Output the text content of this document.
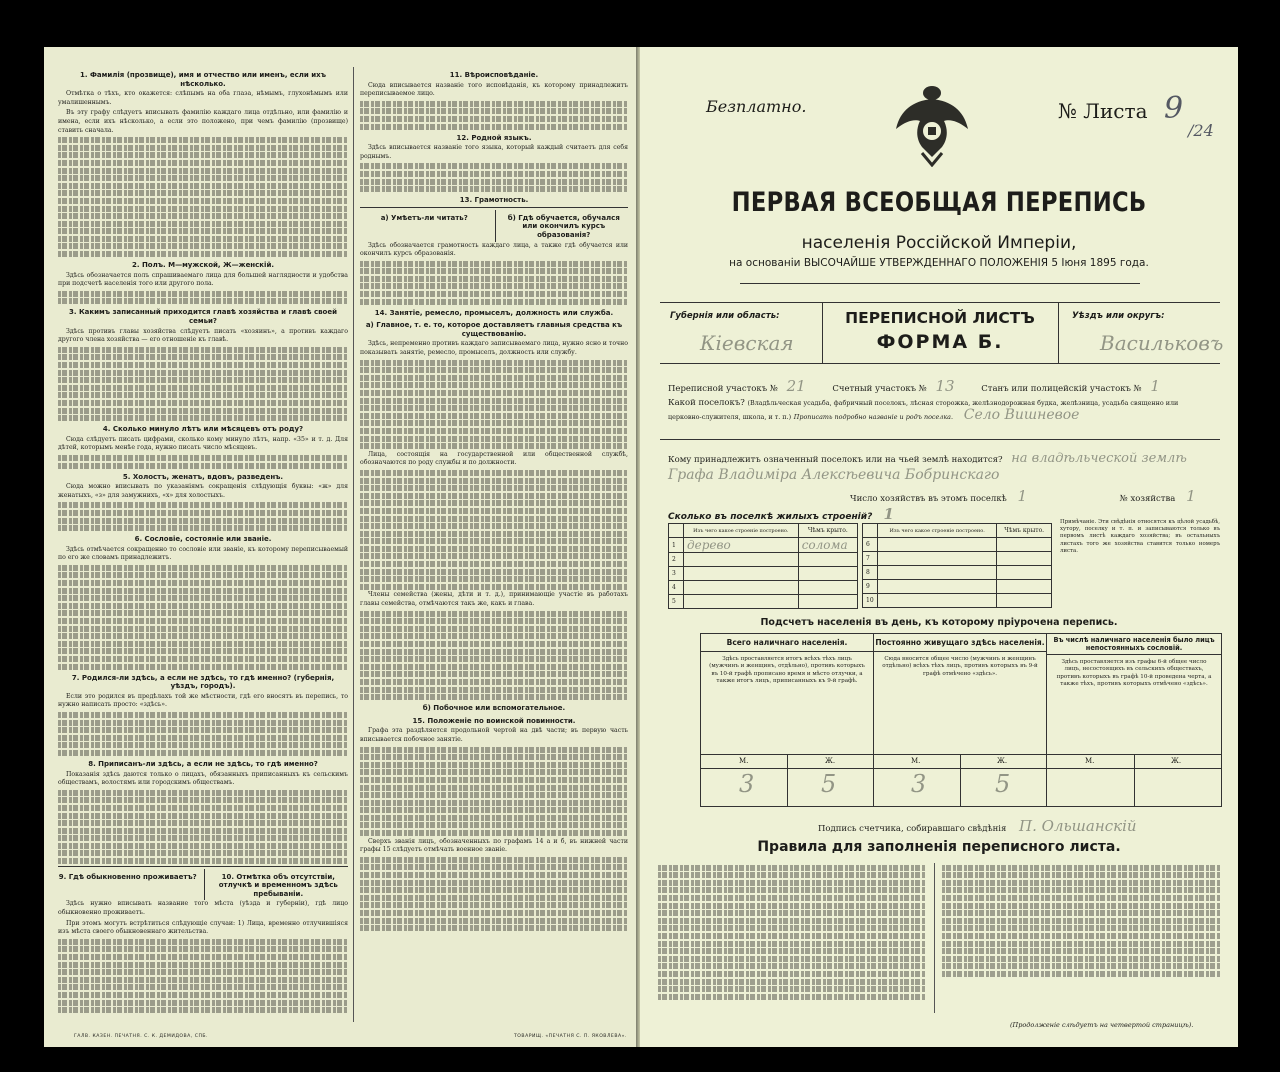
1. Фамилія (прозвище), имя и отчество или именъ, если ихъ нѣсколько.

Отмѣтка о тѣхъ, кто окажется: слѣпымъ на оба глаза, нѣмымъ, глухонѣмымъ или умалишеннымъ.

Въ эту графу слѣдуетъ вписывать фамилію каждаго лица отдѣльно, или фамилію и имена, если ихъ нѣсколько, а если это положено, при чемъ фамилію (прозвище) ставить сначала.

2. Полъ. М—мужской, Ж—женскій.

Здѣсь обозначается полъ спрашиваемаго лица для большей наглядности и удобства при подсчетѣ населенія того или другого пола.

3. Какимъ записанный приходится главѣ хозяйства и главѣ своей семьи?

Здѣсь противъ главы хозяйства слѣдуетъ писать «хозяинъ», а противъ каждаго другого члена хозяйства — его отношеніе къ главѣ.

4. Сколько минуло лѣтъ или мѣсяцевъ отъ роду?

Сюда слѣдуетъ писать цифрами, сколько кому минуло лѣтъ, напр. «35» и т. д. Для дѣтей, которымъ менѣе года, нужно писать число мѣсяцевъ.

5. Холостъ, женатъ, вдовъ, разведенъ.

Сюда можно вписывать по указаніямъ сокращенія слѣдующія буквы: «ж» для женатыхъ, «з» для замужнихъ, «х» для холостыхъ.

6. Сословіе, состояніе или званіе.

Здѣсь отмѣчается сокращенно то сословіе или званіе, къ которому переписываемый по его же словамъ принадлежитъ.

7. Родился-ли здѣсь, а если не здѣсь, то гдѣ именно? (губернія, уѣздъ, городъ).

Если это родился въ предѣлахъ той же мѣстности, гдѣ его вносятъ въ перепись, то нужно написать просто: «здѣсь».

8. Приписанъ-ли здѣсь, а если не здѣсь, то гдѣ именно?

Показанія здѣсь даются только о лицахъ, обязанныхъ приписанныхъ къ сельскимъ обществамъ, волостямъ или городскимъ обществамъ.

9. Гдѣ обыкновенно проживаетъ?	10. Отмѣтка объ отсутствіи, отлучкѣ и временномъ здѣсь пребываніи.

Здѣсь нужно вписывать название того мѣста (уѣзда и губерніи), гдѣ лицо обыкновенно проживаетъ.

При этомъ могутъ встрѣтиться слѣдующіе случаи: 1) Лица, временно отлучившіяся изъ мѣста своего обыкновеннаго жительства.

11. Вѣроисповѣданіе.

Сюда вписывается названіе того исповѣданія, къ которому принадлежитъ переписываемое лицо.

12. Родной языкъ.

Здѣсь вписывается названіе того языка, который каждый считаетъ для себя роднымъ.

13. Грамотность.
а) Умѣетъ-ли читать?	б) Гдѣ обучается, обучался или окончилъ курсъ образованія?

Здѣсь обозначается грамотность каждаго лица, а также гдѣ обучается или окончилъ курсъ образованія.

14. Занятіе, ремесло, промыселъ, должность или служба.
а) Главное, т. е. то, которое доставляетъ главныя средства къ существованію.

Здѣсь, непременно противъ каждаго записываемаго лица, нужно ясно и точно показывать занятіе, ремесло, промыселъ, должность или службу.

Лица, состоящія на государственной или общественной службѣ, обозначаются по роду службы и по должности.

Члены семейства (жены, дѣти и т. д.), принимающіе участіе въ работахъ главы семейства, отмѣчаются такъ же, какъ и глава.

б) Побочное или вспомогательное.
15. Положеніе по воинской повинности.

Графа эта раздѣляется продольной чертой на двѣ части; въ первую часть вписывается побочное занятіе.

Сверхъ званія лицъ, обозначенныхъ по графамъ 14 а и б, въ нижней части графы 15 слѣдуетъ отмѣчать военное званіе.

ГАЛВ. КАЗЕН. ПЕЧАТНЯ. С. К. ДЕМИДОВА, СПБ.	ТОВАРИЩ. «ПЕЧАТНЯ С. П. ЯКОВЛЕВА».
Безплатно.	№ Листа 9
/24
ПЕРВАЯ ВСЕОБЩАЯ ПЕРЕПИСЬ
населенія Россійской Имперіи,
на основаніи ВЫСОЧАЙШЕ УТВЕРЖДЕННАГО ПОЛОЖЕНІЯ 5 Іюня 1895 года.
Губернія или область:
Кіевская
ПЕРЕПИСНОЙ ЛИСТЪ
ФОРМА Б.
Уѣздъ или округъ:
Васильковъ
Переписной участокъ № 21	Счетный участокъ № 13	Станъ или полицейскій участокъ № 1
Какой поселокъ? (Владѣльческая усадьба, фабричный поселокъ, лѣсная сторожка, желѣзнодорожная будка, желѣзница, усадьба священно или церковно-служителя, школа, и т. п.) Прописать подробно названіе и родъ поселка. Село Вишневое
Кому принадлежитъ означенный поселокъ или на чьей землѣ находится? на владѣльческой землѣ
Графа Владиміра Алексѣевича Бобринскаго
Число хозяйствъ въ этомъ поселкѣ 1	№ хозяйства 1
Сколько въ поселкѣ жилыхъ строеній? 1
	Изъ чего какое строеніе построено.	Чѣмъ крыто.
1	дерево	солома
2		
3		
4		
5		
	Изъ чего какое строеніе построено.	Чѣмъ крыто.
6		
7		
8		
9		
10		
Примѣчаніе. Эти свѣдѣнія относятся къ цѣлой усадьбѣ, хутору, поселку и т. п. и записываются только въ первомъ листѣ каждаго хозяйства; въ остальныхъ листахъ того же хозяйства ставится только номеръ листа.
Подсчетъ населенія въ день, къ которому пріурочена перепись.
Всего наличнаго населенія.
Здѣсь проставляется итогъ всѣхъ тѣхъ лицъ (мужчинъ и женщинъ, отдѣльно), противъ которыхъ въ 10-й графѣ прописано время и мѣсто отлучки, а также итогъ лицъ, приписанныхъ къ 9-й графѣ.
Постоянно живущаго здѣсь населенія.
Сюда вносится общее число (мужчинъ и женщинъ отдѣльно) всѣхъ тѣхъ лицъ, противъ которыхъ въ 9-й графѣ отмѣчено «здѣсь».
Въ числѣ наличнаго населенія было лицъ непостоянныхъ сословій.
Здѣсь проставляется изъ графы 6-й общее число лицъ, несостоящихъ въ сельскихъ обществахъ, противъ которыхъ въ графѣ 10-й проведена черта, а также тѣхъ, противъ которыхъ отмѣчено «здѣсь».
М.	Ж.	М.	Ж.	М.	Ж.
3	5	3	5
Подпись счетчика, собиравшаго свѣдѣнія П. Ольшанскій
Правила для заполненія переписного листа.
(Продолженіе слѣдуетъ на четвертой страницѣ).
